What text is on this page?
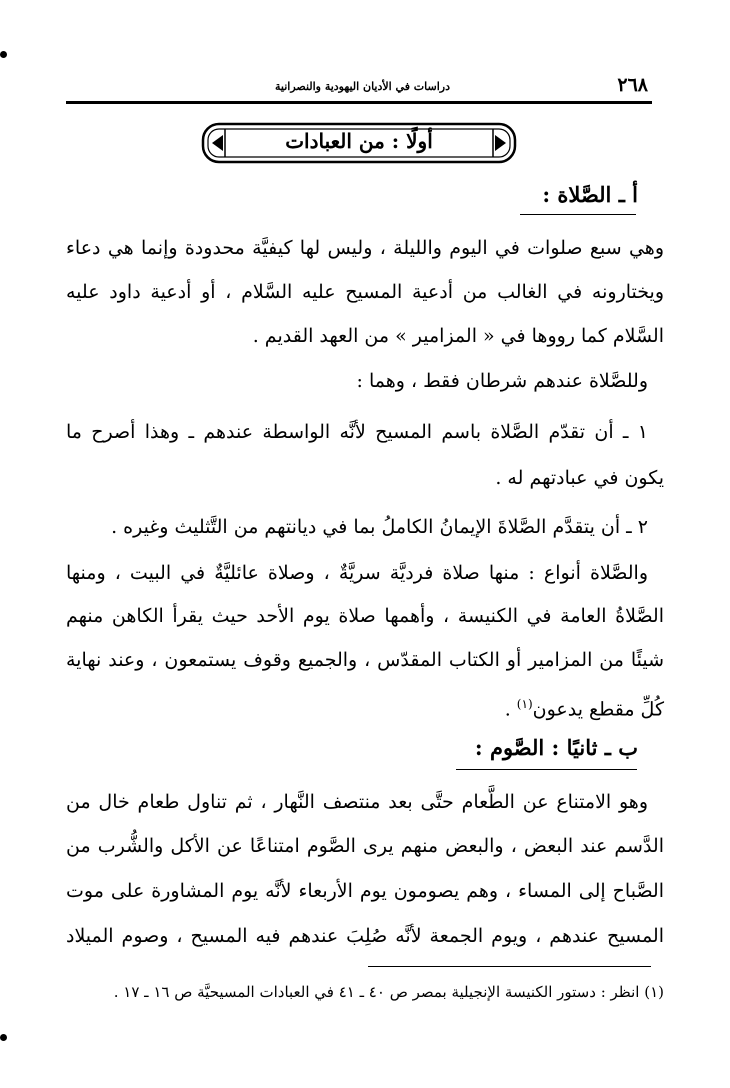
٢٦٨
دراسات في الأديان اليهودية والنصرانية
أولًا : من العبادات
أ ـ الصَّلاة :
وهي سبع صلوات في اليوم والليلة ، وليس لها كيفيَّة محدودة وإنما هي دعاء
ويختارونه في الغالب من أدعية المسيح عليه السَّلام ، أو أدعية داود عليه
السَّلام كما رووها في « المزامير » من العهد القديم .
وللصَّلاة عندهم شرطان فقط ، وهما :
١ ـ أن تقدّم الصَّلاة باسم المسيح لأنَّه الواسطة عندهم ـ وهذا أصرح ما
يكون في عبادتهم له .
٢ ـ أن يتقدَّم الصَّلاةَ الإيمانُ الكاملُ بما في ديانتهم من التَّثليث وغيره .
والصَّلاة أنواع : منها صلاة فرديَّة سريَّةٌ ، وصلاة عائليَّةٌ في البيت ، ومنها
الصَّلاةُ العامة في الكنيسة ، وأهمها صلاة يوم الأحد حيث يقرأ الكاهن منهم
شيئًا من المزامير أو الكتاب المقدّس ، والجميع وقوف يستمعون ، وعند نهاية
كُلِّ مقطع يدعون$^{(١)}$ .
ب ـ ثانيًا : الصَّوم :
وهو الامتناع عن الطَّعام حتَّى بعد منتصف النَّهار ، ثم تناول طعام خال من
الدَّسم عند البعض ، والبعض منهم يرى الصَّوم امتناعًا عن الأكل والشُّرب من
الصَّباح إلى المساء ، وهم يصومون يوم الأربعاء لأنَّه يوم المشاورة على موت
المسيح عندهم ، ويوم الجمعة لأنَّه صُلِبَ عندهم فيه المسيح ، وصوم الميلاد
(١) انظر : دستور الكنيسة الإنجيلية بمصر ص ٤٠ ـ ٤١ في العبادات المسيحيَّة ص ١٦ ـ ١٧ .
